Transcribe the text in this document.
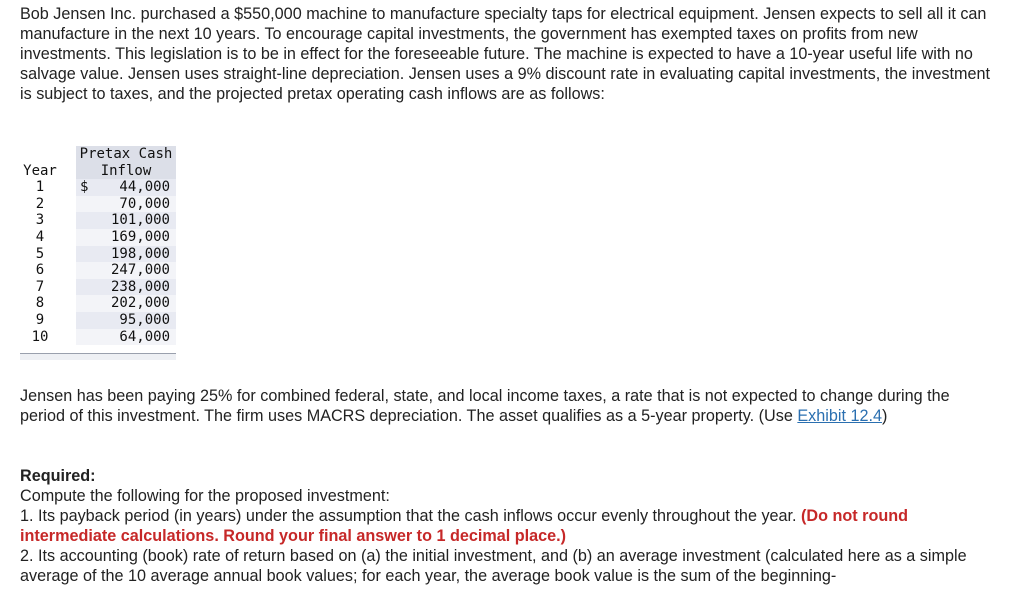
Bob Jensen Inc. purchased a $550,000 machine to manufacture specialty taps for electrical equipment. Jensen expects to sell all it can manufacture in the next 10 years. To encourage capital investments, the government has exempted taxes on profits from new investments. This legislation is to be in effect for the foreseeable future. The machine is expected to have a 10-year useful life with no salvage value. Jensen uses straight-line depreciation. Jensen uses a 9% discount rate in evaluating capital investments, the investment is subject to taxes, and the projected pretax operating cash inflows are as follows:

		Pretax Cash
Year		Inflow
1		$ 44,000

2		70,000

3		101,000

4		169,000

5		198,000

6		247,000

7		238,000

8		202,000

9		95,000

10		64,000

Jensen has been paying 25% for combined federal, state, and local income taxes, a rate that is not expected to change during the period of this investment. The firm uses MACRS depreciation. The asset qualifies as a 5-year property. (Use Exhibit 12.4)

Required:
Compute the following for the proposed investment:
1. Its payback period (in years) under the assumption that the cash inflows occur evenly throughout the year. (Do not round intermediate calculations. Round your final answer to 1 decimal place.)
2. Its accounting (book) rate of return based on (a) the initial investment, and (b) an average investment (calculated here as a simple average of the 10 average annual book values; for each year, the average book value is the sum of the beginning-
